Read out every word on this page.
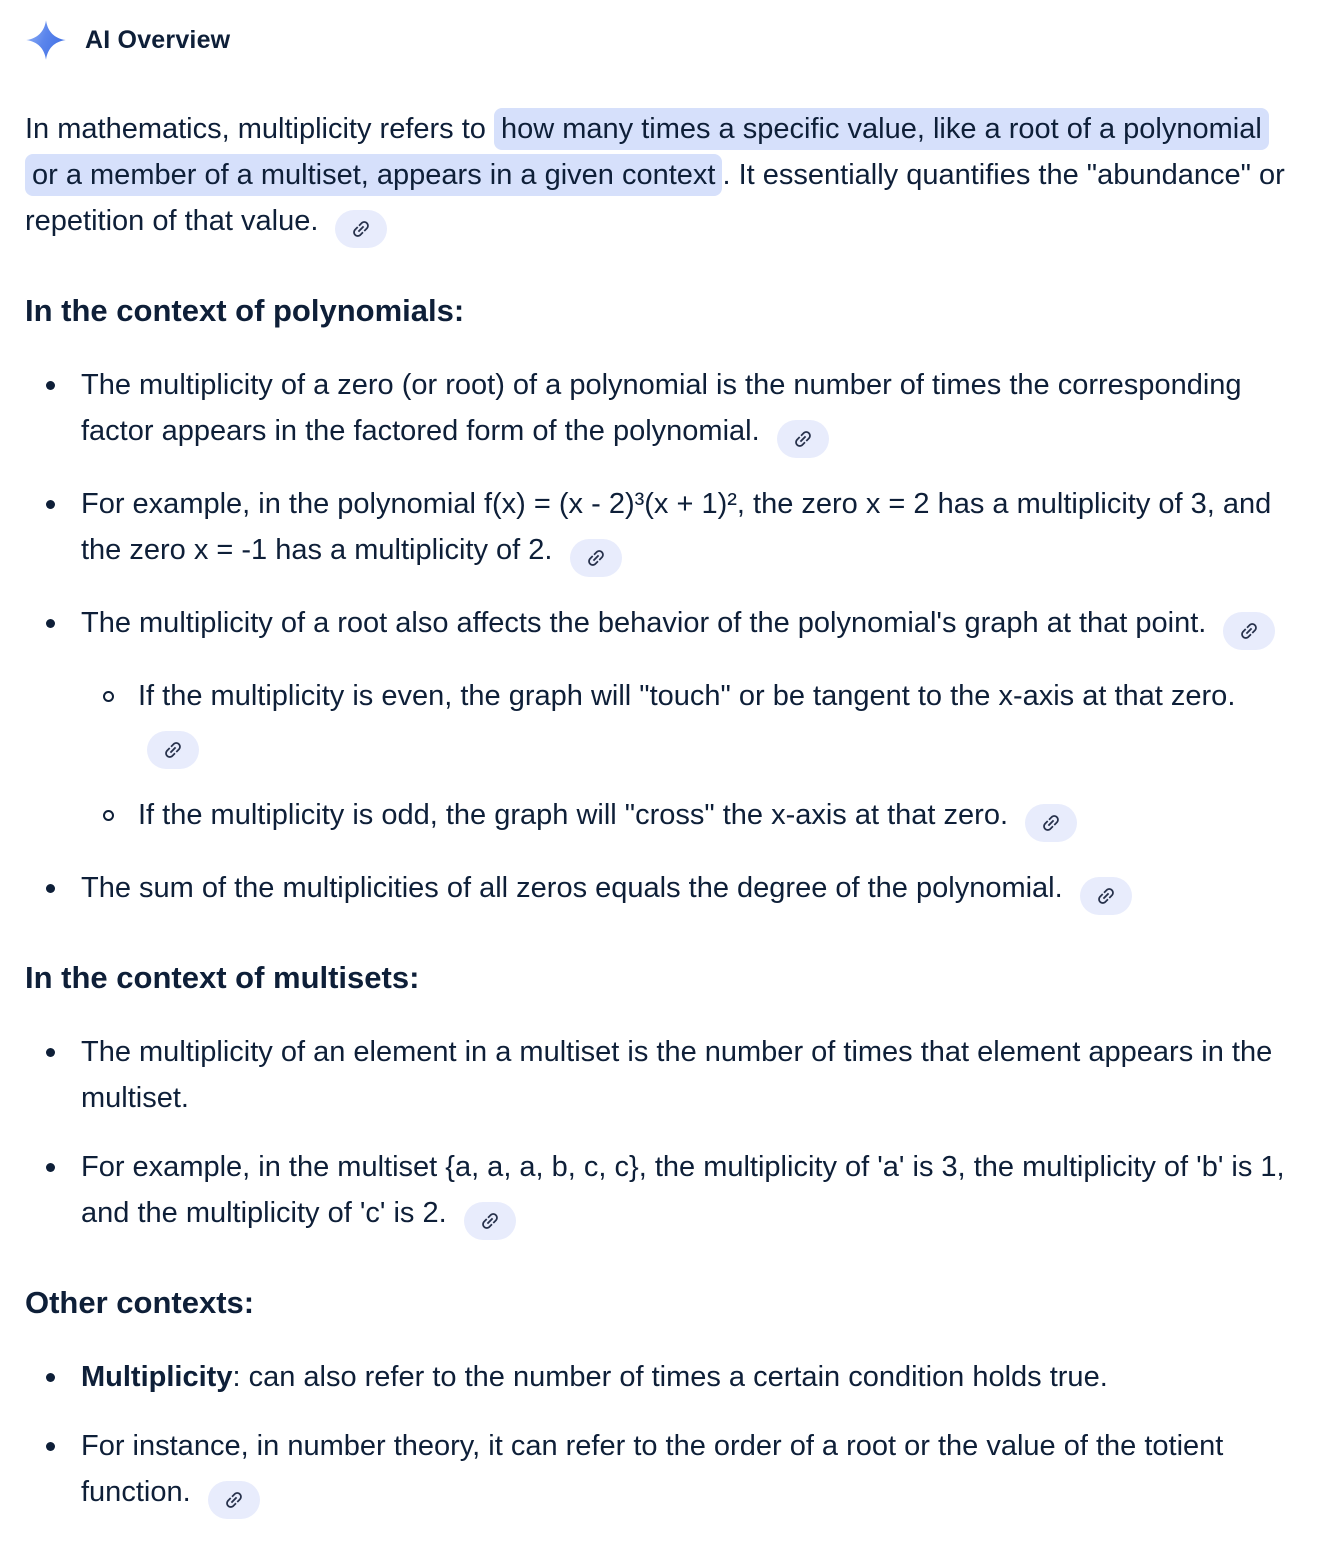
AI Overview

In mathematics, multiplicity refers to how many times a specific value, like a root of a polynomial or a member of a multiset, appears in a given context . It essentially quantifies the "abundance" or repetition of that value.

In the context of polynomials:
The multiplicity of a zero (or root) of a polynomial is the number of times the corresponding factor appears in the factored form of the polynomial.
For example, in the polynomial f(x) = (x - 2)³(x + 1)², the zero x = 2 has a multiplicity of 3, and the zero x = -1 has a multiplicity of 2.
The multiplicity of a root also affects the behavior of the polynomial's graph at that point.
If the multiplicity is even, the graph will "touch" or be tangent to the x-axis at that zero.
If the multiplicity is odd, the graph will "cross" the x-axis at that zero.
The sum of the multiplicities of all zeros equals the degree of the polynomial.
In the context of multisets:
The multiplicity of an element in a multiset is the number of times that element appears in the multiset.
For example, in the multiset {a, a, a, b, c, c}, the multiplicity of 'a' is 3, the multiplicity of 'b' is 1, and the multiplicity of 'c' is 2.
Other contexts:
Multiplicity: can also refer to the number of times a certain condition holds true.
For instance, in number theory, it can refer to the order of a root or the value of the totient function.
